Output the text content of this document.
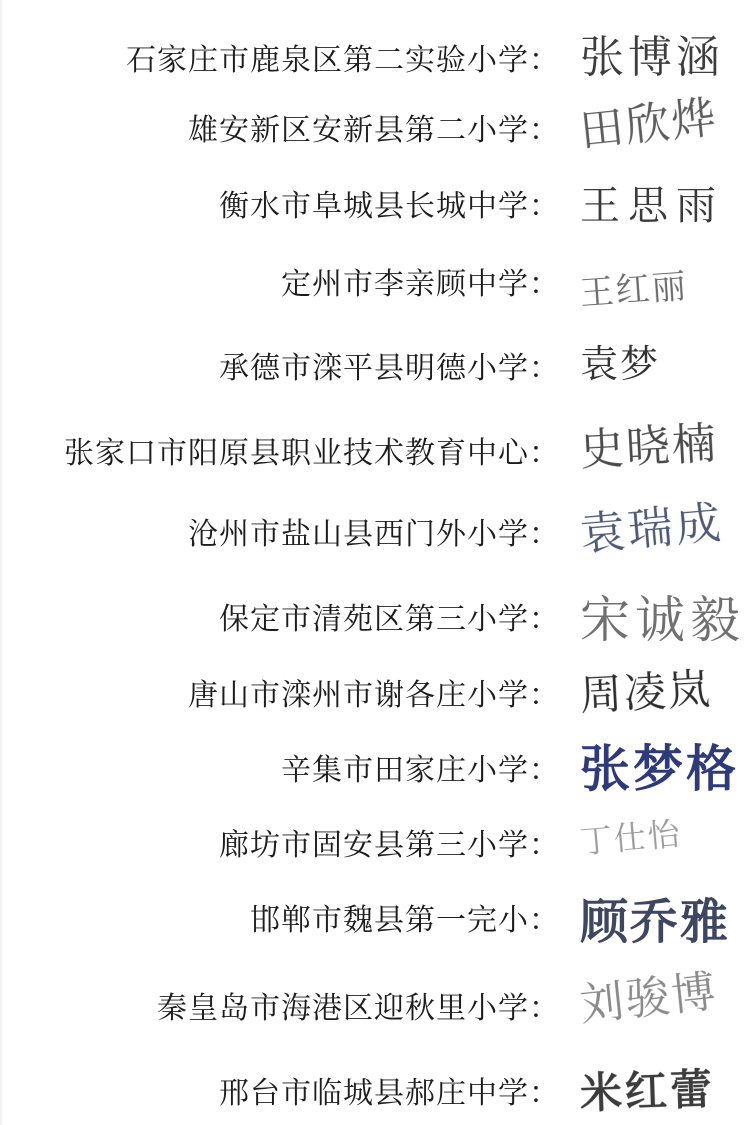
石家庄市鹿泉区第二实验小学： 张博涵
雄安新区安新县第二小学： 田欣烨
衡水市阜城县长城中学： 王思雨
定州市李亲顾中学： 王红丽
承德市滦平县明德小学： 袁梦
张家口市阳原县职业技术教育中心： 史晓楠
沧州市盐山县西门外小学： 袁瑞成
保定市清苑区第三小学： 宋诚毅
唐山市滦州市谢各庄小学： 周凌岚
辛集市田家庄小学： 张梦格
廊坊市固安县第三小学： 丁仕怡
邯郸市魏县第一完小： 顾乔雅
秦皇岛市海港区迎秋里小学： 刘骏博
邢台市临城县郝庄中学： 米红蕾
